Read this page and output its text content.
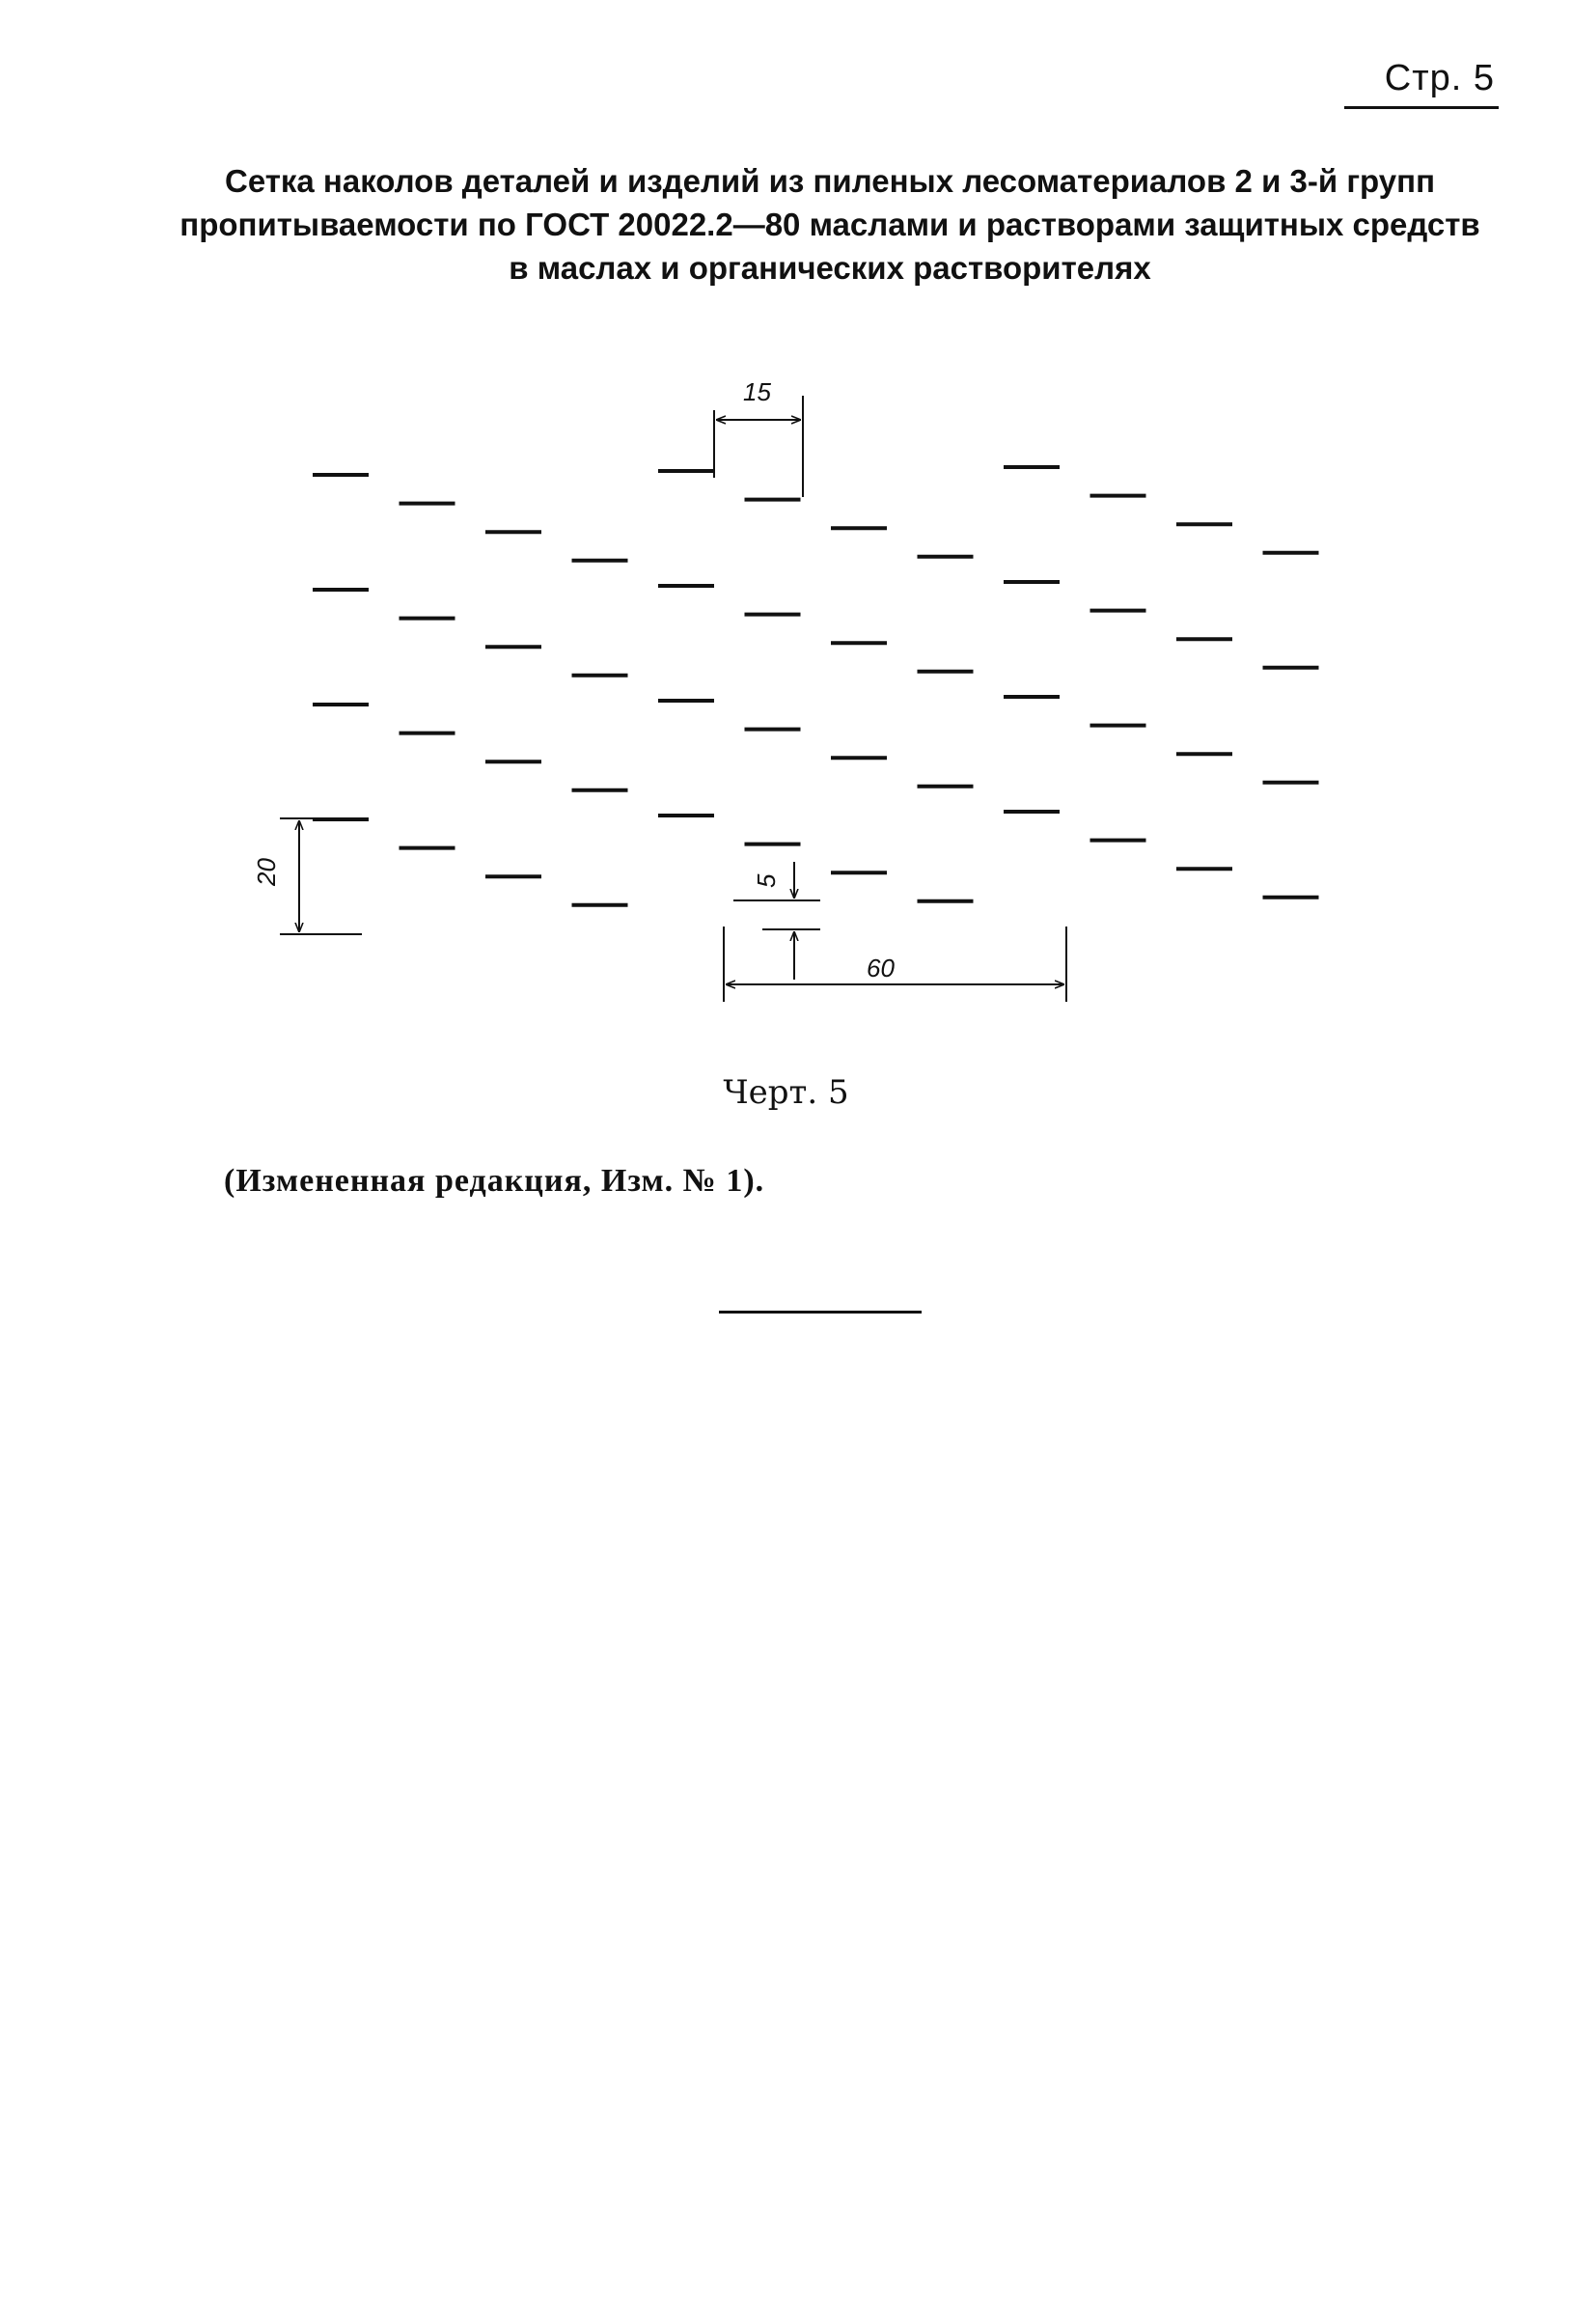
Стр. 5
Сетка наколов деталей и изделий из пиленых лесоматериалов 2 и 3-й групп
пропитываемости по ГОСТ 20022.2—80 маслами и растворами защитных средств
в маслах и органических растворителях
15
20	5
60
Черт. 5
(Измененная редакция, Изм. № 1).
